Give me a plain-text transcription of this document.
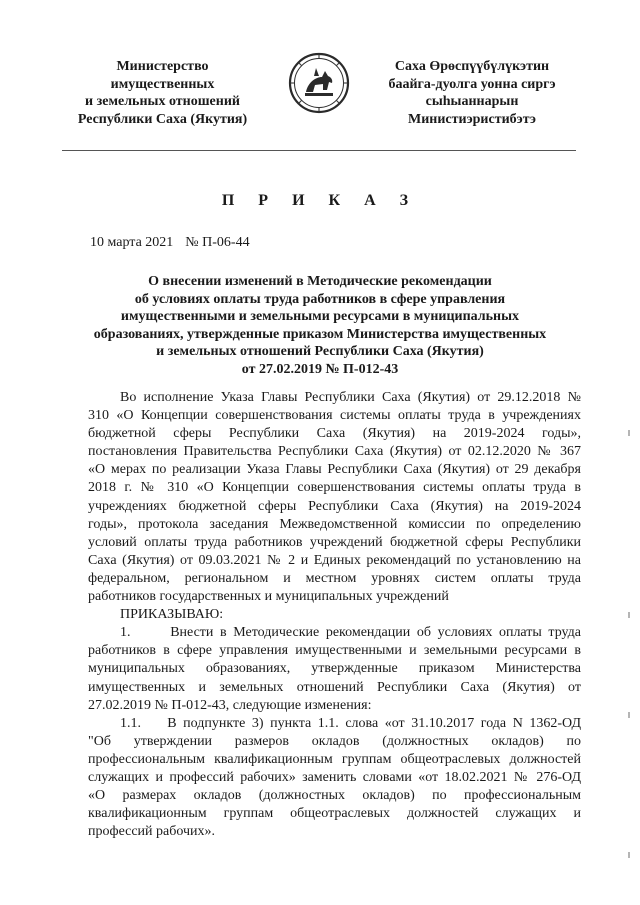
Министерство
имущественных
и земельных отношений
Республики Саха (Якутия)
Саха Өрөспүүбүлүкэтин
баайга-дуолга уонна сиргэ
сыһыаннарын
Министиэристибэтэ
П Р И К А З
10 марта 2021 № П-06-44
О внесении изменений в Методические рекомендации
об условиях оплаты труда работников в сфере управления
имущественными и земельными ресурсами в муниципальных
образованиях, утвержденные приказом Министерства имущественных
и земельных отношений Республики Саха (Якутия)
от 27.02.2019 № П-012-43
Во исполнение Указа Главы Республики Саха (Якутия) от 29.12.2018 №
310 «О Концепции совершенствования системы оплаты труда в учреждениях
бюджетной сферы Республики Саха (Якутия) на 2019-2024 годы»,
постановления Правительства Республики Саха (Якутия) от 02.12.2020 № 367
«О мерах по реализации Указа Главы Республики Саха (Якутия) от 29 декабря
2018 г. № 310 «О Концепции совершенствования системы оплаты труда в
учреждениях бюджетной сферы Республики Саха (Якутия) на 2019-2024
годы», протокола заседания Межведомственной комиссии по определению
условий оплаты труда работников учреждений бюджетной сферы Республики
Саха (Якутия) от 09.03.2021 № 2 и Единых рекомендаций по установлению на
федеральном, региональном и местном уровнях систем оплаты труда
работников государственных и муниципальных учреждений
ПРИКАЗЫВАЮ:
1.      Внести в Методические рекомендации об условиях оплаты труда
работников в сфере управления имущественными и земельными ресурсами в
муниципальных образованиях, утвержденные приказом Министерства
имущественных и земельных отношений Республики Саха (Якутия) от
27.02.2019 № П-012-43, следующие изменения:
1.1.    В подпункте 3) пункта 1.1. слова «от 31.10.2017 года N 1362-ОД
"Об утверждении размеров окладов (должностных окладов) по
профессиональным квалификационным группам общеотраслевых должностей
служащих и профессий рабочих» заменить словами «от 18.02.2021 № 276-ОД
«О размерах окладов (должностных окладов) по профессиональным
квалификационным группам общеотраслевых должностей служащих и
профессий рабочих».
